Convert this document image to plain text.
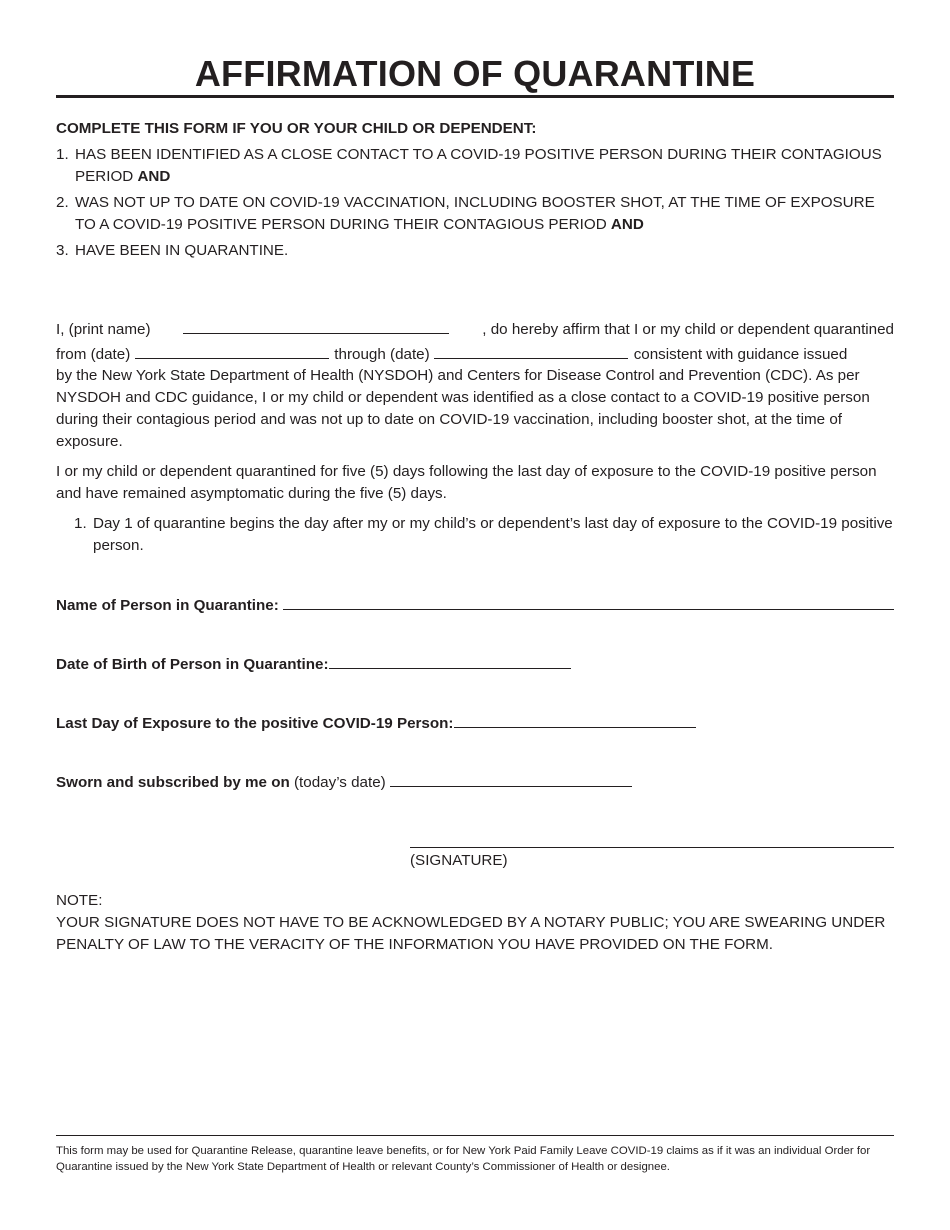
AFFIRMATION OF QUARANTINE

COMPLETE THIS FORM IF YOU OR YOUR CHILD OR DEPENDENT:

1. HAS BEEN IDENTIFIED AS A CLOSE CONTACT TO A COVID-19 POSITIVE PERSON DURING THEIR CONTAGIOUS PERIOD AND
2. WAS NOT UP TO DATE ON COVID-19 VACCINATION, INCLUDING BOOSTER SHOT, AT THE TIME OF EXPOSURE TO A COVID-19 POSITIVE PERSON DURING THEIR CONTAGIOUS PERIOD AND
3. HAVE BEEN IN QUARANTINE.
I, (print name)	, do hereby affirm that I or my child or dependent quarantined
from (date)	through (date)	consistent with guidance issued

by the New York State Department of Health (NYSDOH) and Centers for Disease Control and Prevention (CDC). As per NYSDOH and CDC guidance, I or my child or dependent was identified as a close contact to a COVID-19 positive person during their contagious period and was not up to date on COVID-19 vaccination, including booster shot, at the time of exposure.

I or my child or dependent quarantined for five (5) days following the last day of exposure to the COVID-19 positive person and have remained asymptomatic during the five (5) days.

1. Day 1 of quarantine begins the day after my or my child’s or dependent’s last day of exposure to the COVID-19 positive person.
Name of Person in Quarantine:
Date of Birth of Person in Quarantine:
Last Day of Exposure to the positive COVID-19 Person:
Sworn and subscribed by me on (today’s date)
(SIGNATURE)

NOTE:

YOUR SIGNATURE DOES NOT HAVE TO BE ACKNOWLEDGED BY A NOTARY PUBLIC; YOU ARE SWEARING UNDER PENALTY OF LAW TO THE VERACITY OF THE INFORMATION YOU HAVE PROVIDED ON THE FORM.

This form may be used for Quarantine Release, quarantine leave benefits, or for New York Paid Family Leave COVID-19 claims as if it was an individual Order for Quarantine issued by the New York State Department of Health or relevant County’s Commissioner of Health or designee.
